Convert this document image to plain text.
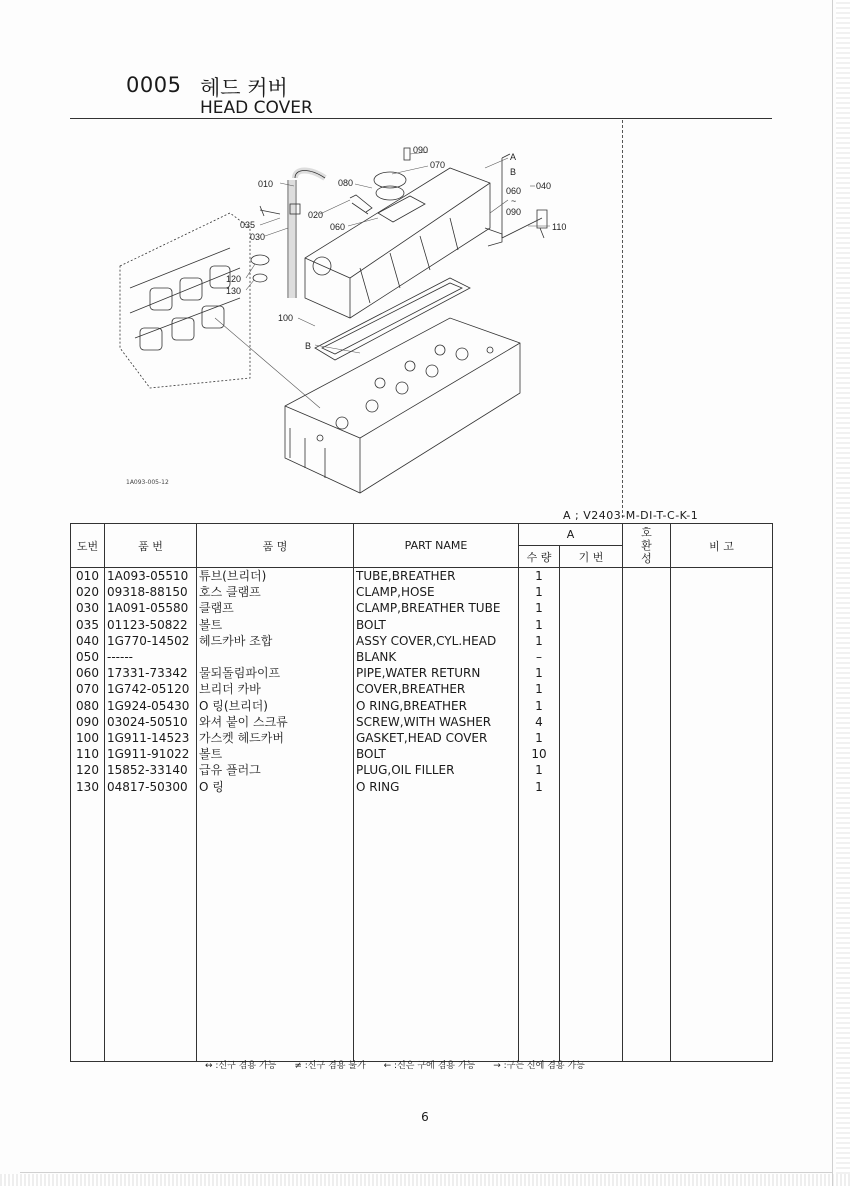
0005 헤드 커버
HEAD COVER
090
070
010	080
035
030
020
060
120
130
100
B
110
A
B
060
~
090
040
1A093-005-12
A ; V2403-M-DI-T-C-K-1
도번	품 번	품 명	PART NAME	A		호 환 성	비 고
				수 량	기 번		
010	1A093-05510	튜브(브리더)	TUBE,BREATHER	1			
020	09318-88150	호스 클램프	CLAMP,HOSE	1			
030	1A091-05580	클램프	CLAMP,BREATHER TUBE	1			
035	01123-50822	볼트	BOLT	1			
040	1G770-14502	헤드카바 조합	ASSY COVER,CYL.HEAD	1			
050	------		BLANK	–			
060	17331-73342	물되돌림파이프	PIPE,WATER RETURN	1			
070	1G742-05120	브리더 카바	COVER,BREATHER	1			
080	1G924-05430	O 링(브리더)	O RING,BREATHER	1			
090	03024-50510	와셔 붙이 스크류	SCREW,WITH WASHER	4			
100	1G911-14523	가스켓 헤드카버	GASKET,HEAD COVER	1			
110	1G911-91022	볼트	BOLT	10			
120	15852-33140	급유 플러그	PLUG,OIL FILLER	1			
130	04817-50300	O 링	O RING	1			

↔ :신구 겸용 가능 ≠ :신구 겸용 불가 ← :신은 구에 겸용 가능 → :구는 신에 겸용 가능
6
